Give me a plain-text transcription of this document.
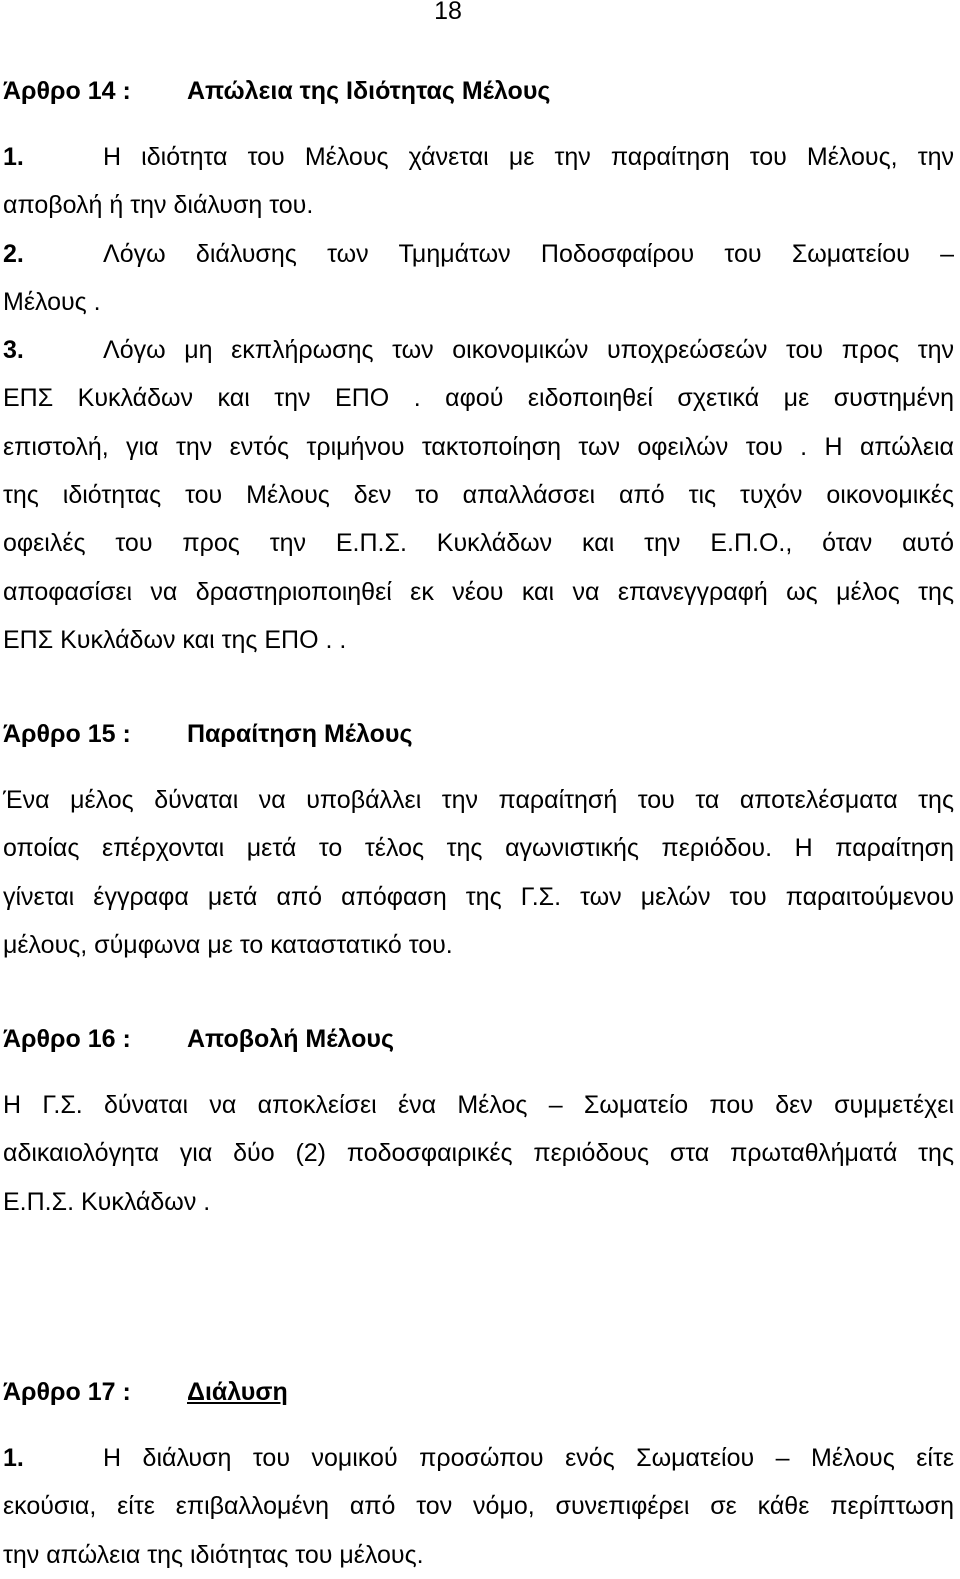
18
Άρθρο 14 : Απώλεια της Ιδιότητας Μέλους
1.	Η ιδιότητα του Μέλους χάνεται με την παραίτηση του Μέλους, την
αποβολή ή την διάλυση του.
2.	Λόγω διάλυσης των Τμημάτων Ποδοσφαίρου του Σωματείου –
Μέλους .
3.	Λόγω μη εκπλήρωσης των οικονομικών υποχρεώσεών του προς την
ΕΠΣ Κυκλάδων και την ΕΠΟ . αφού ειδοποιηθεί σχετικά με συστημένη
επιστολή, για την εντός τριμήνου τακτοποίηση των οφειλών του . Η απώλεια
της ιδιότητας του Μέλους δεν το απαλλάσσει από τις τυχόν οικονομικές
οφειλές του προς την Ε.Π.Σ. Κυκλάδων και την Ε.Π.Ο., όταν αυτό
αποφασίσει να δραστηριοποιηθεί εκ νέου και να επανεγγραφή ως μέλος της
ΕΠΣ Κυκλάδων και της ΕΠΟ . .
Άρθρο 15 : Παραίτηση Μέλους
Ένα μέλος δύναται να υποβάλλει την παραίτησή του τα αποτελέσματα της
οποίας επέρχονται μετά το τέλος της αγωνιστικής περιόδου. Η παραίτηση
γίνεται έγγραφα μετά από απόφαση της Γ.Σ. των μελών του παραιτούμενου
μέλους, σύμφωνα με το καταστατικό του.
Άρθρο 16 : Αποβολή Μέλους
Η Γ.Σ. δύναται να αποκλείσει ένα Μέλος – Σωματείο που δεν συμμετέχει
αδικαιολόγητα για δύο (2) ποδοσφαιρικές περιόδους στα πρωταθλήματά της
Ε.Π.Σ. Κυκλάδων .
Άρθρο 17 : Διάλυση
1.	Η διάλυση του νομικού προσώπου ενός Σωματείου – Μέλους είτε
εκούσια, είτε επιβαλλομένη από τον νόμο, συνεπιφέρει σε κάθε περίπτωση
την απώλεια της ιδιότητας του μέλους.
